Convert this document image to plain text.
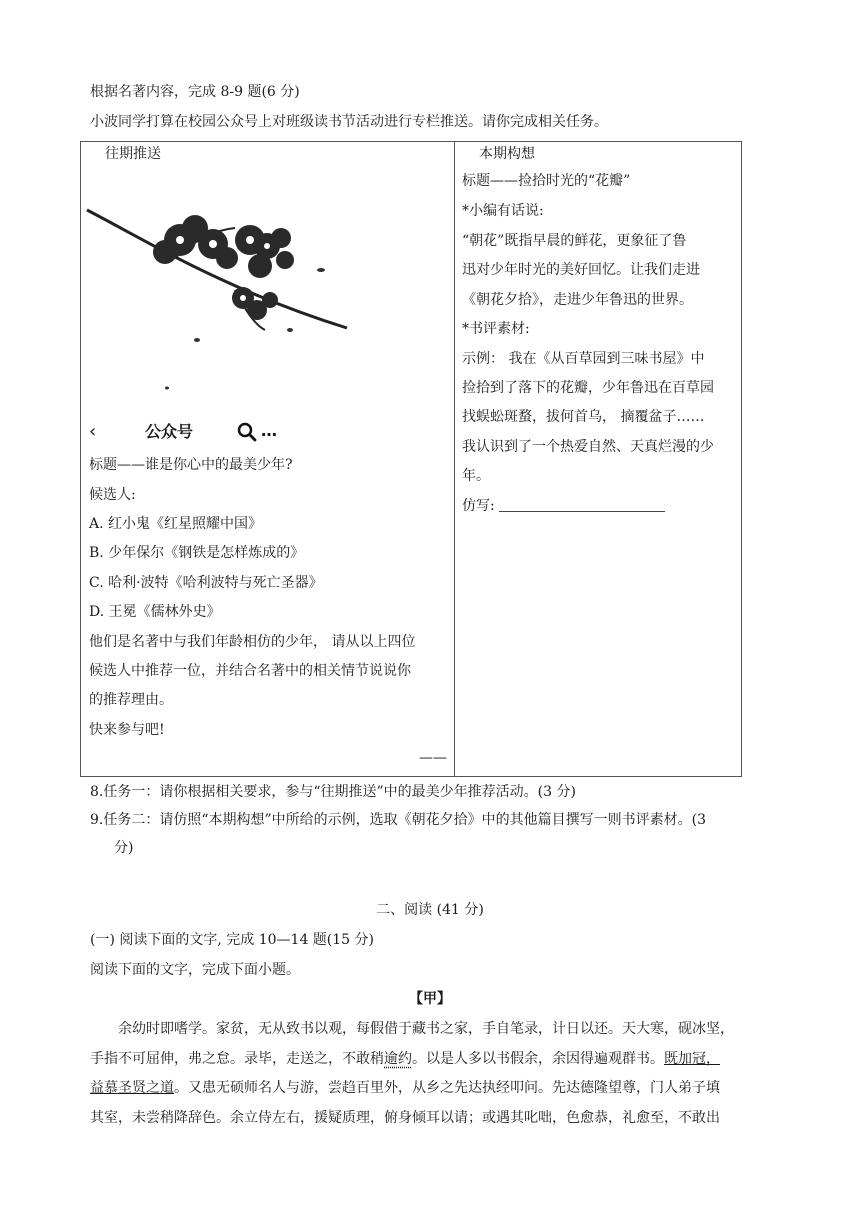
根据名著内容，完成 8-9 题(6 分)
小波同学打算在校园公众号上对班级读书节活动进行专栏推送。请你完成相关任务。
往期推送
‹	公众号	…
标题——谁是你心中的最美少年?
候选人:
A. 红小鬼《红星照耀中国》
B. 少年保尔《钢铁是怎样炼成的》
C. 哈利·波特《哈利波特与死亡圣器》
D. 王冕《儒林外史》
他们是名著中与我们年龄相仿的少年， 请从以上四位
候选人中推荐一位，并结合名著中的相关情节说说你
的推荐理由。
快来参与吧!
——
本期构想
标题——捡拾时光的“花瓣”
*小编有话说:
“朝花”既指早晨的鲜花，更象征了鲁
迅对少年时光的美好回忆。让我们走进
《朝花夕拾》，走进少年鲁迅的世界。
*书评素材:
示例： 我在《从百草园到三味书屋》中
捡拾到了落下的花瓣，少年鲁迅在百草园
找蜈蚣斑蝥，拔何首乌， 摘覆盆子……
我认识到了一个热爱自然、天真烂漫的少
年。
仿写:
8.任务一：请你根据相关要求，参与“往期推送”中的最美少年推荐活动。(3 分)
9.任务二：请仿照“本期构想”中所给的示例，选取《朝花夕拾》中的其他篇目撰写一则书评素材。(3
分)
二、阅读 (41 分)
(一) 阅读下面的文字, 完成 10—14 题(15 分)
阅读下面的文字，完成下面小题。
【甲】
余幼时即嗜学。家贫，无从致书以观，每假借于藏书之家，手自笔录，计日以还。天大寒，砚冰坚，
手指不可屈伸，弗之怠。录毕，走送之，不敢稍逾约。以是人多以书假余，余因得遍观群书。既加冠，
益慕圣贤之道。又患无硕师名人与游，尝趋百里外，从乡之先达执经叩问。先达德隆望尊，门人弟子填
其室，未尝稍降辞色。余立侍左右，援疑质理，俯身倾耳以请；或遇其叱咄，色愈恭，礼愈至，不敢出
